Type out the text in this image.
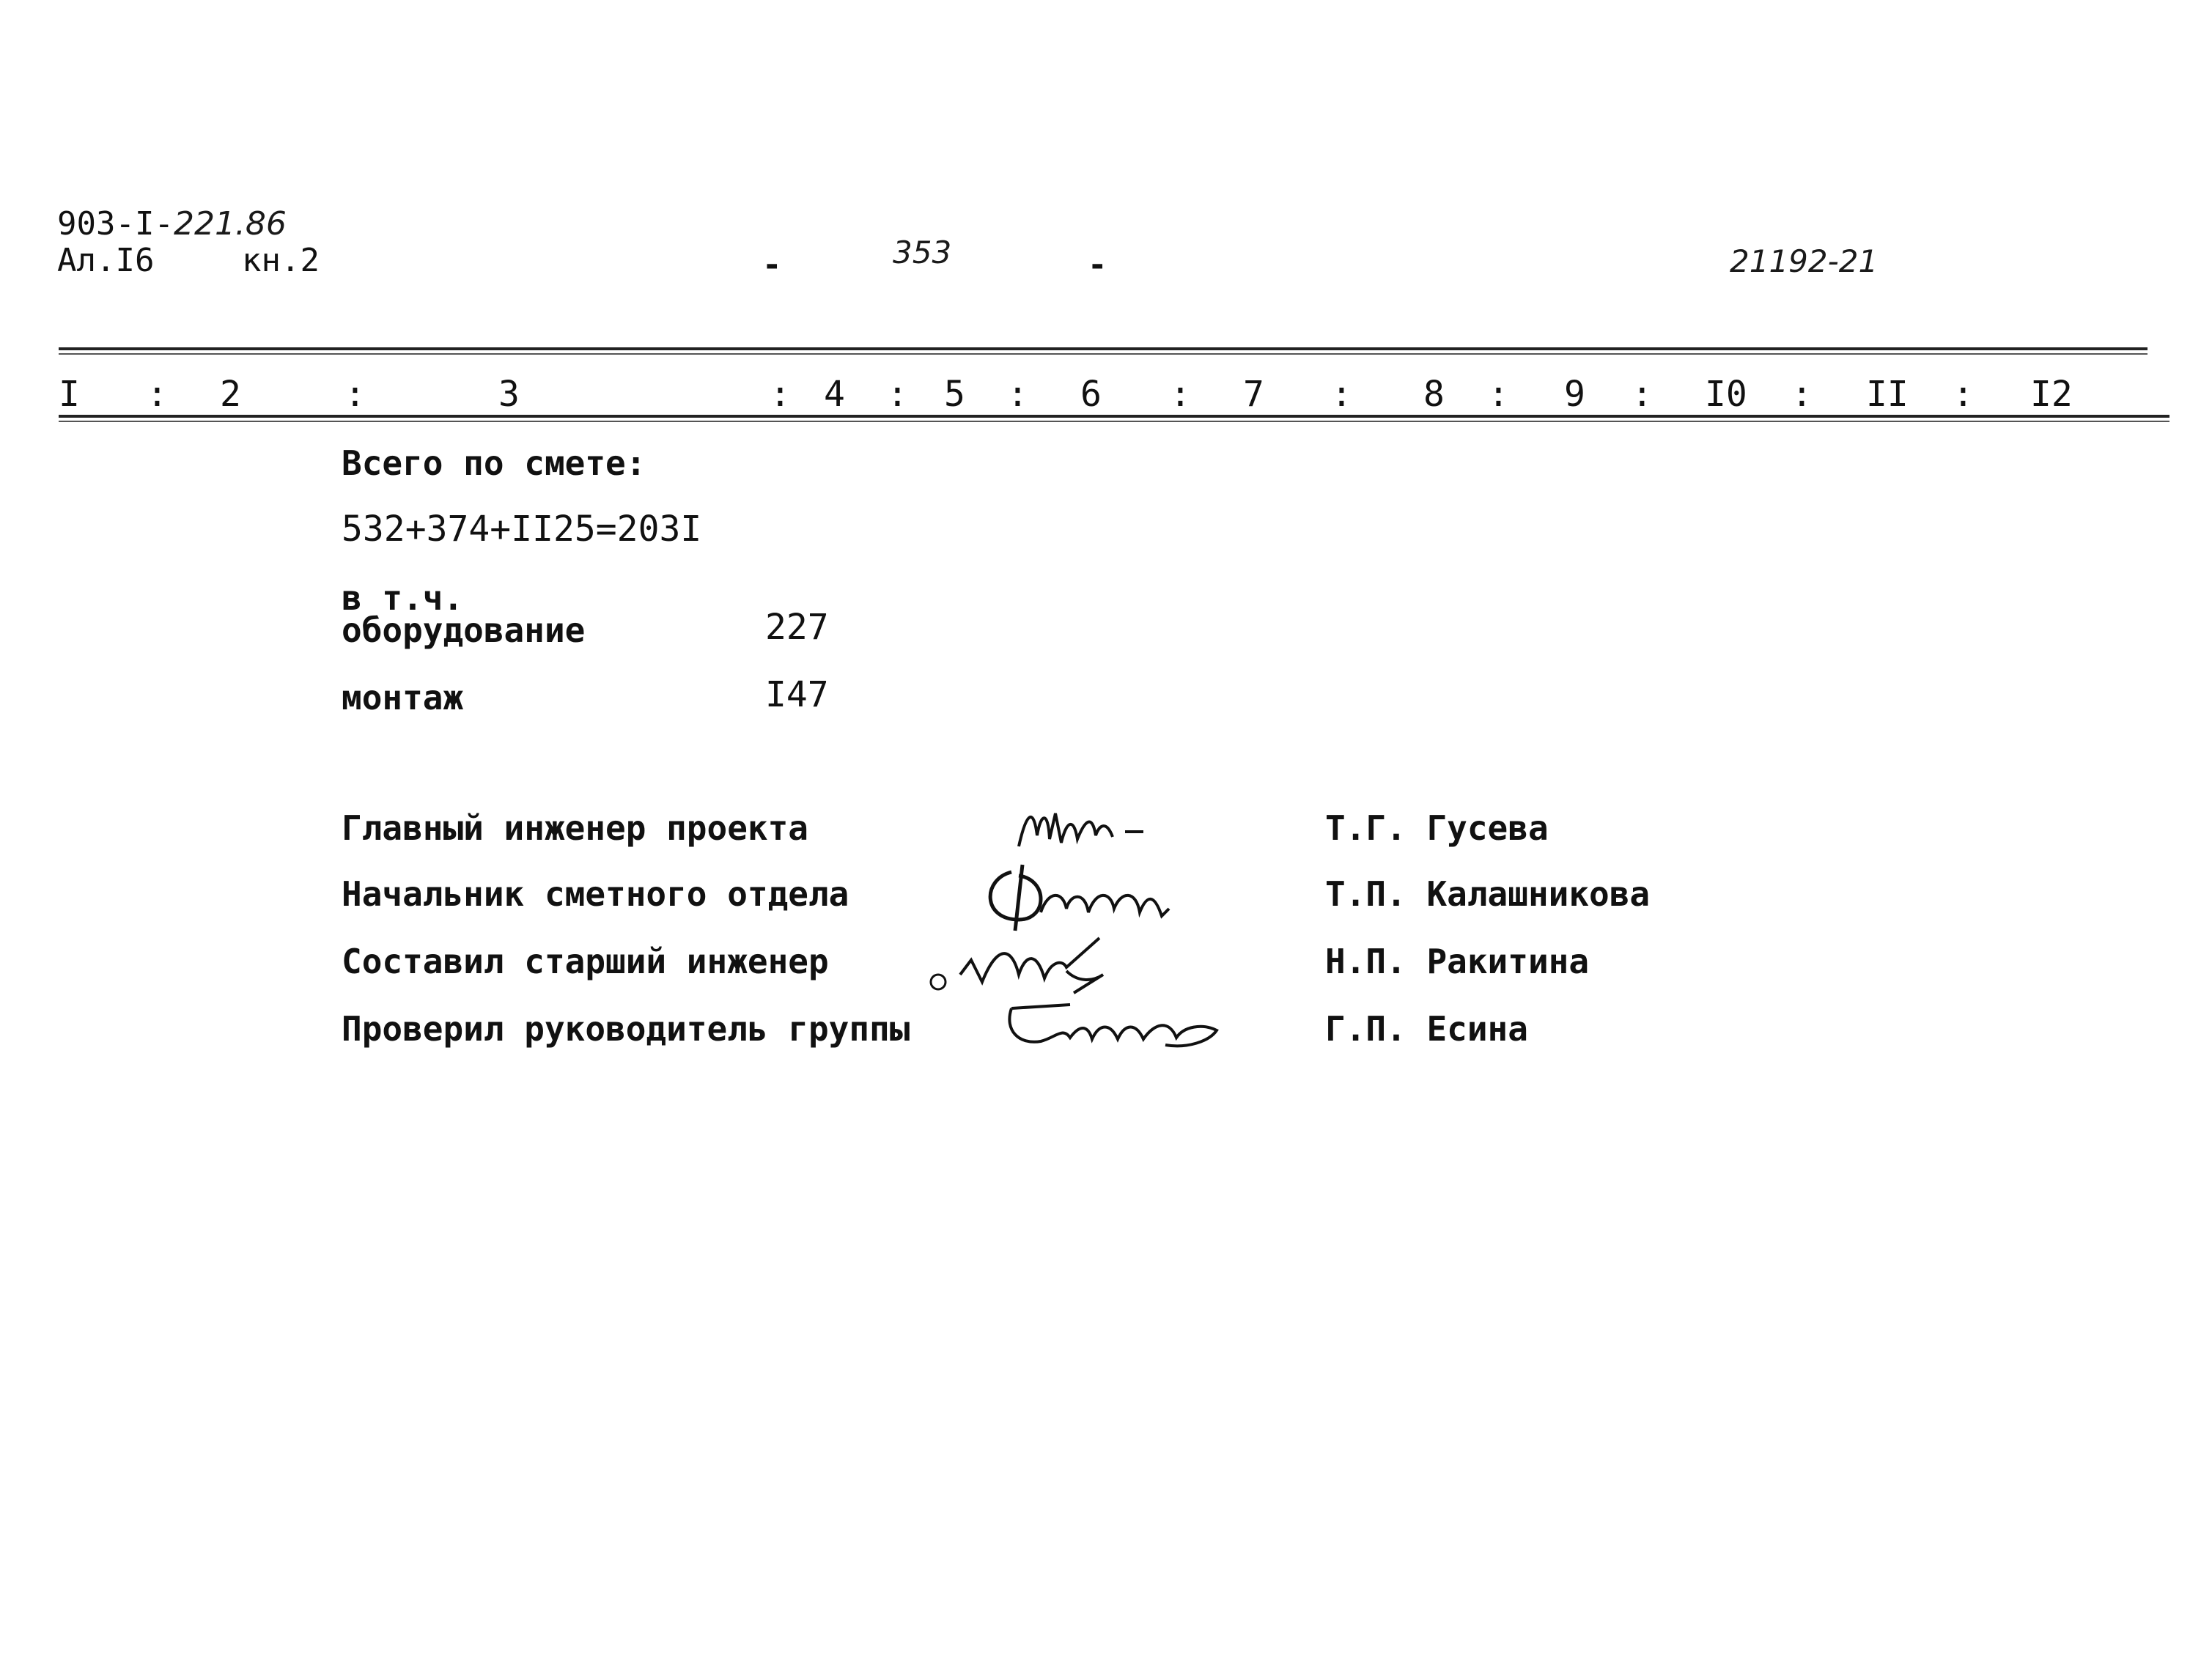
903-I-221.86
Ал.I6	кн.2	-	353	-	21192-21
I : 2	:	3	: 4 : 5 : 6 : 7 : 8 : 9 : I0 : II : I2
Всего по смете:
532+374+II25=203I
в т.ч.
оборудование	227
монтаж	I47
Главный инженер проекта	Т.Г. Гусева
Начальник сметного отдела	Т.П. Калашникова
Составил старший инженер	Н.П. Ракитина
Проверил руководитель группы	Г.П. Есина
